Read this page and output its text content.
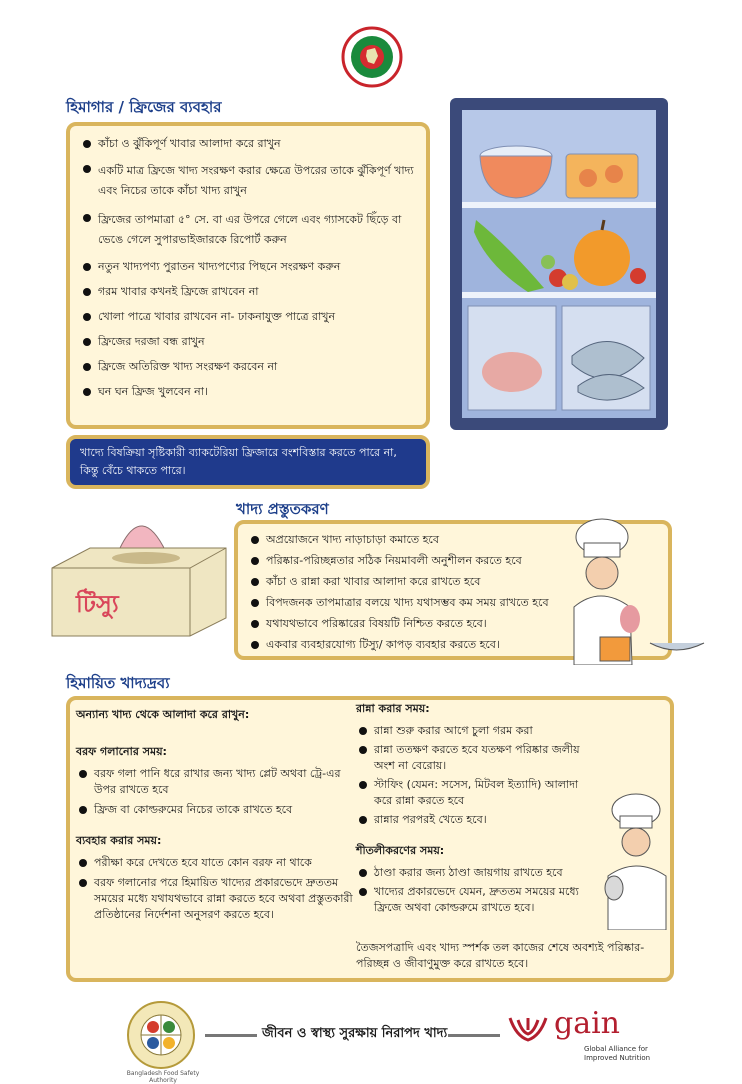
হিমাগার / ফ্রিজের ব্যবহার
কাঁচা ও ঝুঁকিপূর্ণ খাবার আলাদা করে রাখুন
একটি মাত্র ফ্রিজে খাদ্য সংরক্ষণ করার ক্ষেত্রে উপরের তাকে ঝুঁকিপূর্ণ খাদ্য এবং নিচের তাকে কাঁচা খাদ্য রাখুন
ফ্রিজের তাপমাত্রা ৫° সে. বা এর উপরে গেলে এবং গ্যাসকেট ছিঁড়ে বা ভেঙে গেলে সুপারভাইজারকে রিপোর্ট করুন
নতুন খাদ্যপণ্য পুরাতন খাদ্যপণ্যের পিছনে সংরক্ষণ করুন
গরম খাবার কখনই ফ্রিজে রাখবেন না
খোলা পাত্রে খাবার রাখবেন না- ঢাকনাযুক্ত পাত্রে রাখুন
ফ্রিজের দরজা বন্ধ রাখুন
ফ্রিজে অতিরিক্ত খাদ্য সংরক্ষণ করবেন না
ঘন ঘন ফ্রিজ খুলবেন না।
খাদ্যে বিষক্রিয়া সৃষ্টিকারী ব্যাকটেরিয়া ফ্রিজারে বংশবিস্তার করতে পারে না, কিন্তু বেঁচে থাকতে পারে।
খাদ্য প্রস্তুতকরণ
টিস্যু
অপ্রয়োজনে খাদ্য নাড়াচাড়া কমাতে হবে
পরিষ্কার-পরিচ্ছন্নতার সঠিক নিয়মাবলী অনুশীলন করতে হবে
কাঁচা ও রান্না করা খাবার আলাদা করে রাখতে হবে
বিপদজনক তাপমাত্রার বলয়ে খাদ্য যথাসম্ভব কম সময় রাখতে হবে
যথাযথভাবে পরিষ্কারের বিষয়টি নিশ্চিত করতে হবে।
একবার ব্যবহারযোগ্য টিস্যু/ কাপড় ব্যবহার করতে হবে।
হিমায়িত খাদ্যদ্রব্য
অন্যান্য খাদ্য থেকে আলাদা করে রাখুন:
বরফ গলানোর সময়:
বরফ গলা পানি ধরে রাখার জন্য খাদ্য প্লেট অথবা ট্রে-এর উপর রাখতে হবে
ফ্রিজ বা কোল্ডরুমের নিচের তাকে রাখতে হবে
ব্যবহার করার সময়:
পরীক্ষা করে দেখতে হবে যাতে কোন বরফ না থাকে
বরফ গলানোর পরে হিমায়িত খাদ্যের প্রকারভেদে দ্রুততম সময়ের মধ্যে যথাযথভাবে রান্না করতে হবে অথবা প্রস্তুতকারী প্রতিষ্ঠানের নির্দেশনা অনুসরণ করতে হবে।
রান্না করার সময়:
রান্না শুরু করার আগে চুলা গরম করা
রান্না ততক্ষণ করতে হবে যতক্ষণ পরিষ্কার জলীয় অংশ না বেরোয়।
স্টাফিং (যেমন: সসেস, মিটবল ইত্যাদি) আলাদা করে রান্না করতে হবে
রান্নার পরপরই খেতে হবে।
শীতলীকরণের সময়:
ঠাণ্ডা করার জন্য ঠাণ্ডা জায়গায় রাখতে হবে
খাদ্যের প্রকারভেদে যেমন, দ্রুততম সময়ের মধ্যে ফ্রিজে অথবা কোল্ডরুমে রাখতে হবে।
তৈজসপত্রাদি এবং খাদ্য স্পর্শক তল কাজের শেষে অবশ্যই পরিষ্কার-পরিচ্ছন্ন ও জীবাণুমুক্ত করে রাখতে হবে।
Bangladesh Food Safety Authority
জীবন ও স্বাস্থ্য সুরক্ষায় নিরাপদ খাদ্য	gain
Global Alliance for
Improved Nutrition
